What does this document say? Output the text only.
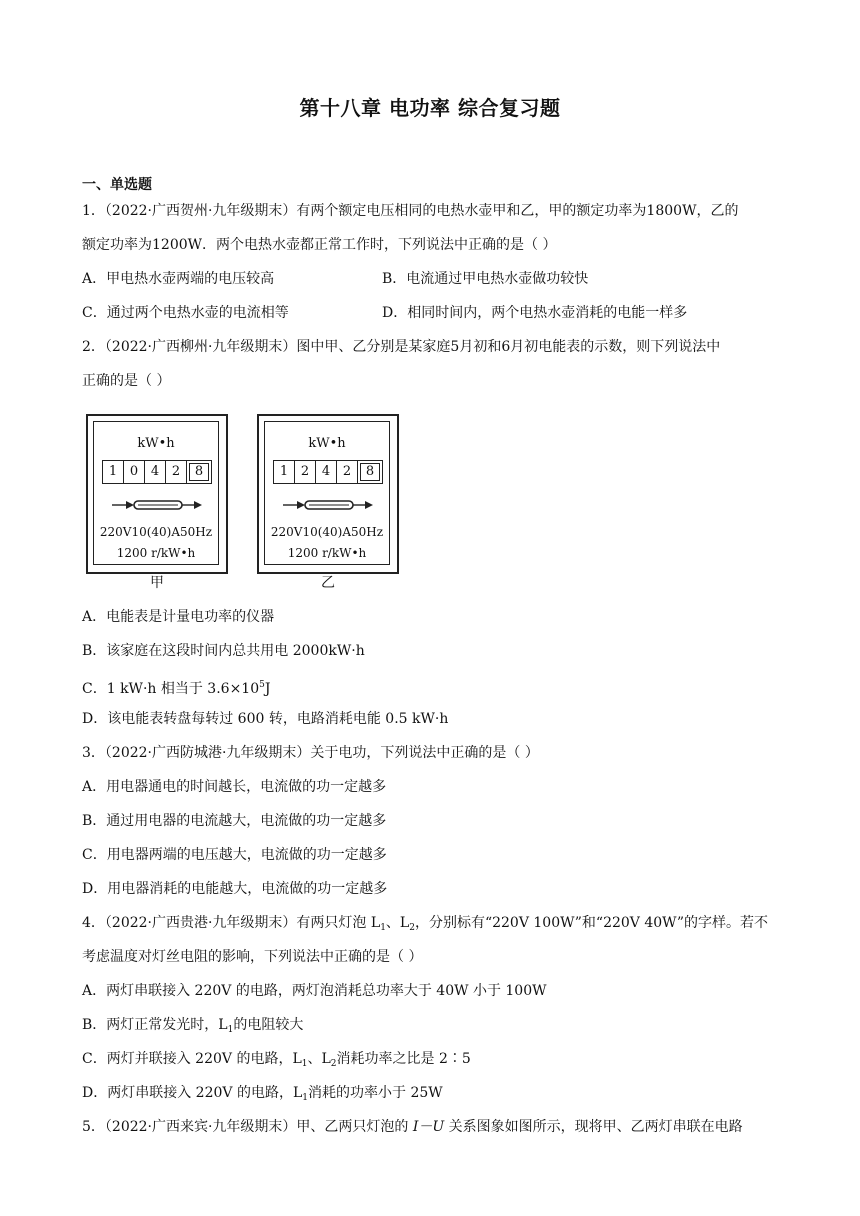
第十八章 电功率 综合复习题
一、单选题
1．（2022·广西贺州·九年级期末）有两个额定电压相同的电热水壶甲和乙，甲的额定功率为1800W，乙的
额定功率为1200W．两个电热水壶都正常工作时，下列说法中正确的是（ ）
A．甲电热水壶两端的电压较高	B．电流通过甲电热水壶做功较快
C．通过两个电热水壶的电流相等	D．相同时间内，两个电热水壶消耗的电能一样多
2．（2022·广西柳州·九年级期末）图中甲、乙分别是某家庭5月初和6月初电能表的示数，则下列说法中
正确的是（ ）
kW•h
1 0 4 2	8
220V10(40)A50Hz
1200 r/kW•h
甲
kW•h
1 2 4 2	8
220V10(40)A50Hz
1200 r/kW•h
乙
A．电能表是计量电功率的仪器
B．该家庭在这段时间内总共用电 2000kW·h
C．1 kW·h 相当于 $3.6\times 10^5J$
D．该电能表转盘每转过 600 转，电路消耗电能 0.5 kW·h
3．（2022·广西防城港·九年级期末）关于电功，下列说法中正确的是（ ）
A．用电器通电的时间越长，电流做的功一定越多
B．通过用电器的电流越大，电流做的功一定越多
C．用电器两端的电压越大，电流做的功一定越多
D．用电器消耗的电能越大，电流做的功一定越多
4．（2022·广西贵港·九年级期末）有两只灯泡 $L_1$、$L_2$，分别标有“220V 100W”和“220V 40W”的字样。若不
考虑温度对灯丝电阻的影响，下列说法中正确的是（ ）
A．两灯串联接入 220V 的电路，两灯泡消耗总功率大于 40W 小于 100W
B．两灯正常发光时，$L_1$的电阻较大
C．两灯并联接入 220V 的电路，$L_1$、$L_2$消耗功率之比是 2∶5
D．两灯串联接入 220V 的电路，$L_1$消耗的功率小于 25W
5．（2022·广西来宾·九年级期末）甲、乙两只灯泡的 I－U 关系图象如图所示，现将甲、乙两灯串联在电路
